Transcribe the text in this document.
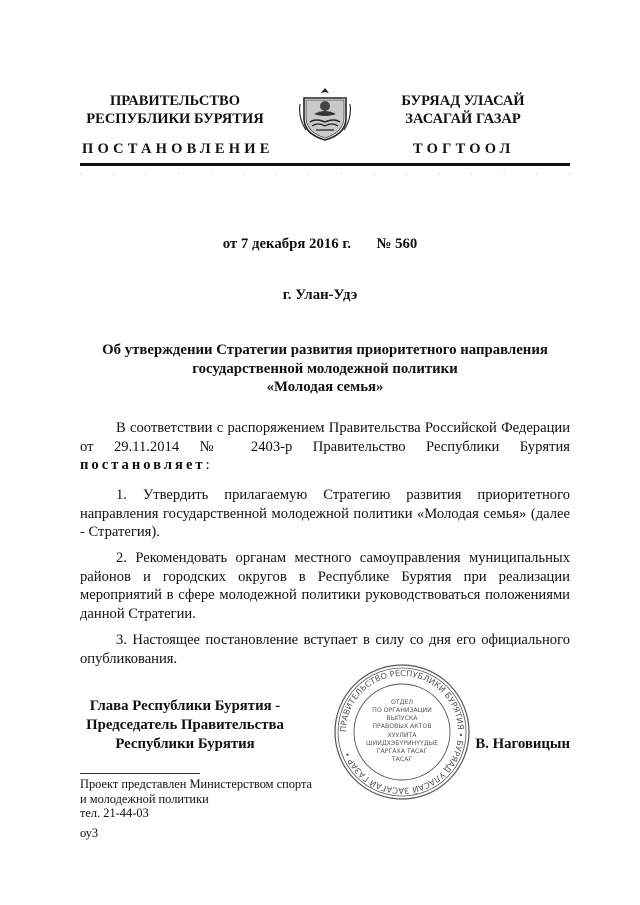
ПРАВИТЕЛЬСТВО
РЕСПУБЛИКИ БУРЯТИЯ
ПОСТАНОВЛЕНИЕ
БУРЯАД УЛАСАЙ
ЗАСАГАЙ ГАЗАР
ТОГТООЛ
.	.	.	.	.	.	.	.	.	.	.	.	.	.	.	.
от 7 декабря 2016 г. № 560
г. Улан-Удэ
Об утверждении Стратегии развития приоритетного направления
государственной молодежной политики
«Молодая семья»
В соответствии с распоряжением Правительства Российской Федерации от 29.11.2014 № 2403-р Правительство Республики Бурятия постановляет:
1. Утвердить прилагаемую Стратегию развития приоритетного направления государственной молодежной политики «Молодая семья» (далее - Стратегия).
2. Рекомендовать органам местного самоуправления муниципальных районов и городских округов в Республике Бурятия при реализации мероприятий в сфере молодежной политики руководствоваться положениями данной Стратегии.
3. Настоящее постановление вступает в силу со дня его официального опубликования.
Глава Республики Бурятия -
Председатель Правительства
Республики Бурятия
ПРАВИТЕЛЬСТВО РЕСПУБЛИКИ БУРЯТИЯ • БУРЯАД УЛАСАЙ ЗАСАГАЙ ГАЗАР •
ОТДЕЛ
ПО ОРГАНИЗАЦИИ
ВЫПУСКА
ПРАВОВЫХ АКТОВ
ХУУЛИТА
ШИИДХЭБҮРИНҮҮДЫЕ
ГАРГАХА ТАСАГ
ТАСАГ
В. Наговицын
Проект представлен Министерством спорта
и молодежной политики
тел. 21-44-03
оу3
